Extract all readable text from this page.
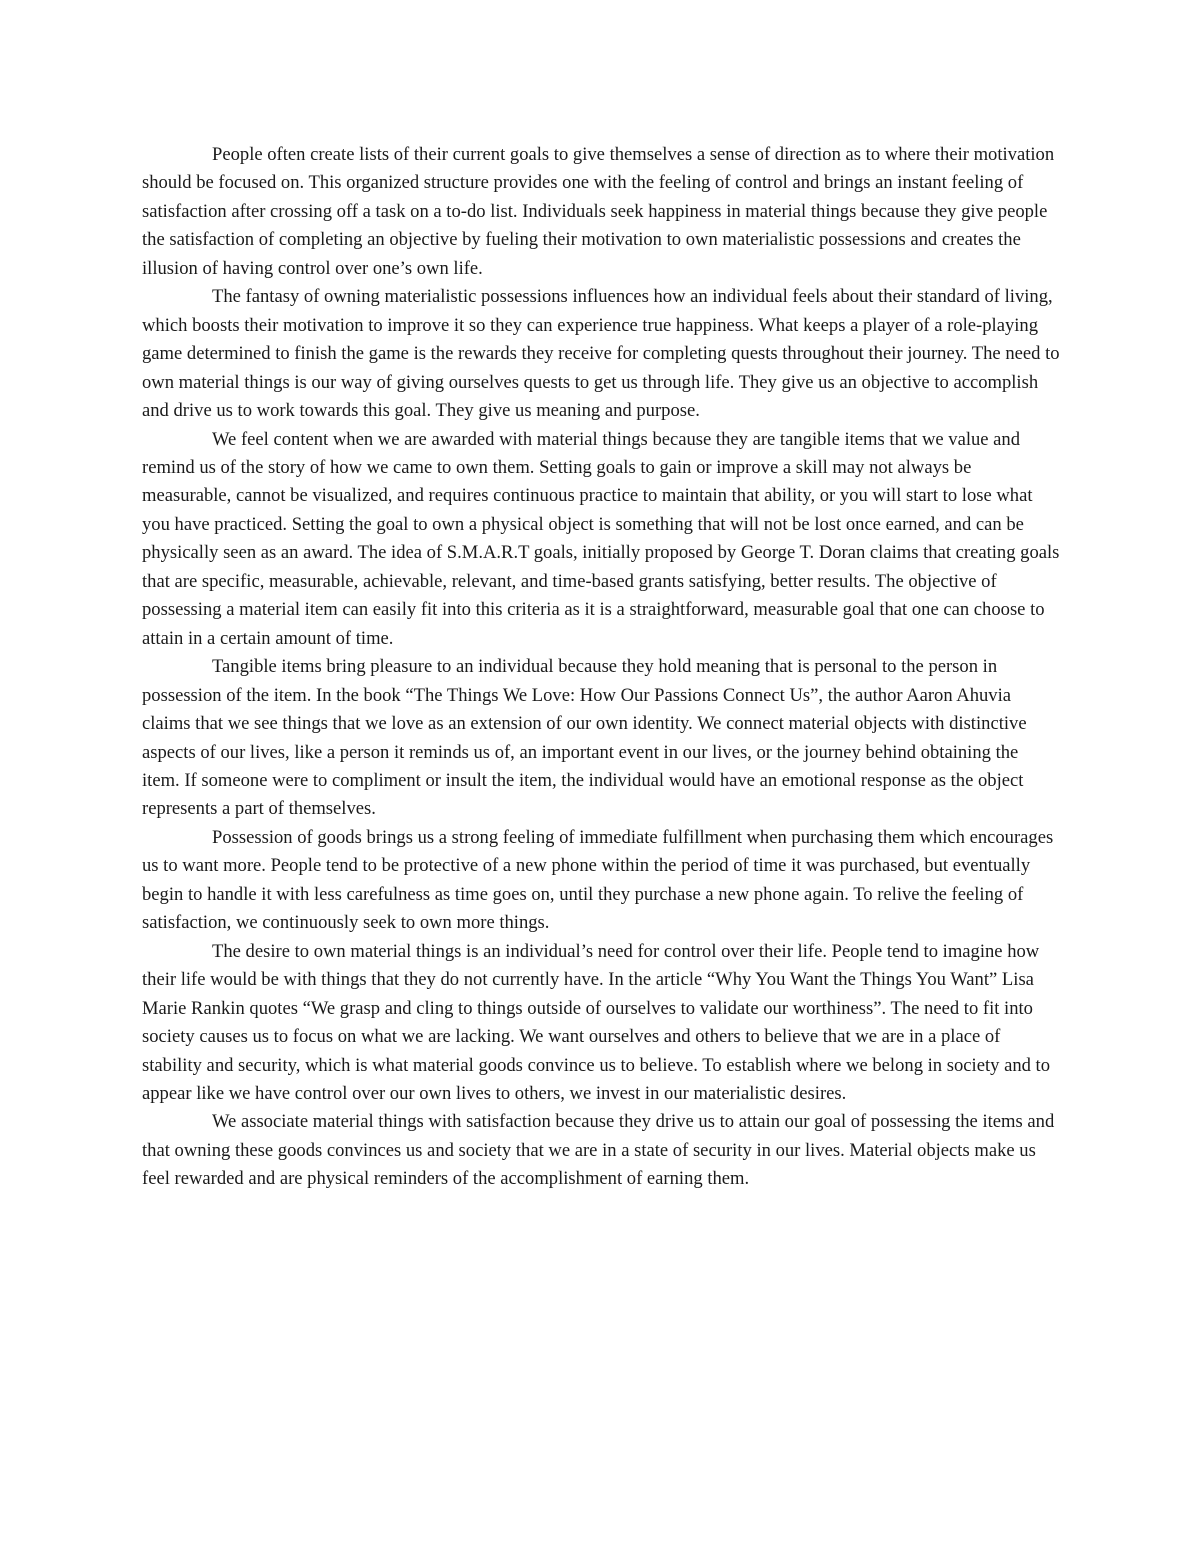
People often create lists of their current goals to give themselves a sense of direction as to where their motivation should be focused on. This organized structure provides one with the feeling of control and brings an instant feeling of satisfaction after crossing off a task on a to-do list. Individuals seek happiness in material things because they give people the satisfaction of completing an objective by fueling their motivation to own materialistic possessions and creates the illusion of having control over one’s own life.

The fantasy of owning materialistic possessions influences how an individual feels about their standard of living, which boosts their motivation to improve it so they can experience true happiness. What keeps a player of a role-playing game determined to finish the game is the rewards they receive for completing quests throughout their journey. The need to own material things is our way of giving ourselves quests to get us through life. They give us an objective to accomplish and drive us to work towards this goal. They give us meaning and purpose.

We feel content when we are awarded with material things because they are tangible items that we value and remind us of the story of how we came to own them. Setting goals to gain or improve a skill may not always be measurable, cannot be visualized, and requires continuous practice to maintain that ability, or you will start to lose what you have practiced. Setting the goal to own a physical object is something that will not be lost once earned, and can be physically seen as an award. The idea of S.M.A.R.T goals, initially proposed by George T. Doran claims that creating goals that are specific, measurable, achievable, relevant, and time-based grants satisfying, better results. The objective of possessing a material item can easily fit into this criteria as it is a straightforward, measurable goal that one can choose to attain in a certain amount of time.

Tangible items bring pleasure to an individual because they hold meaning that is personal to the person in possession of the item. In the book “The Things We Love: How Our Passions Connect Us”, the author Aaron Ahuvia claims that we see things that we love as an extension of our own identity. We connect material objects with distinctive aspects of our lives, like a person it reminds us of, an important event in our lives, or the journey behind obtaining the item. If someone were to compliment or insult the item, the individual would have an emotional response as the object represents a part of themselves.

Possession of goods brings us a strong feeling of immediate fulfillment when purchasing them which encourages us to want more. People tend to be protective of a new phone within the period of time it was purchased, but eventually begin to handle it with less carefulness as time goes on, until they purchase a new phone again. To relive the feeling of satisfaction, we continuously seek to own more things.

The desire to own material things is an individual’s need for control over their life. People tend to imagine how their life would be with things that they do not currently have. In the article “Why You Want the Things You Want” Lisa Marie Rankin quotes “We grasp and cling to things outside of ourselves to validate our worthiness”. The need to fit into society causes us to focus on what we are lacking. We want ourselves and others to believe that we are in a place of stability and security, which is what material goods convince us to believe. To establish where we belong in society and to appear like we have control over our own lives to others, we invest in our materialistic desires.

We associate material things with satisfaction because they drive us to attain our goal of possessing the items and that owning these goods convinces us and society that we are in a state of security in our lives. Material objects make us feel rewarded and are physical reminders of the accomplishment of earning them.
